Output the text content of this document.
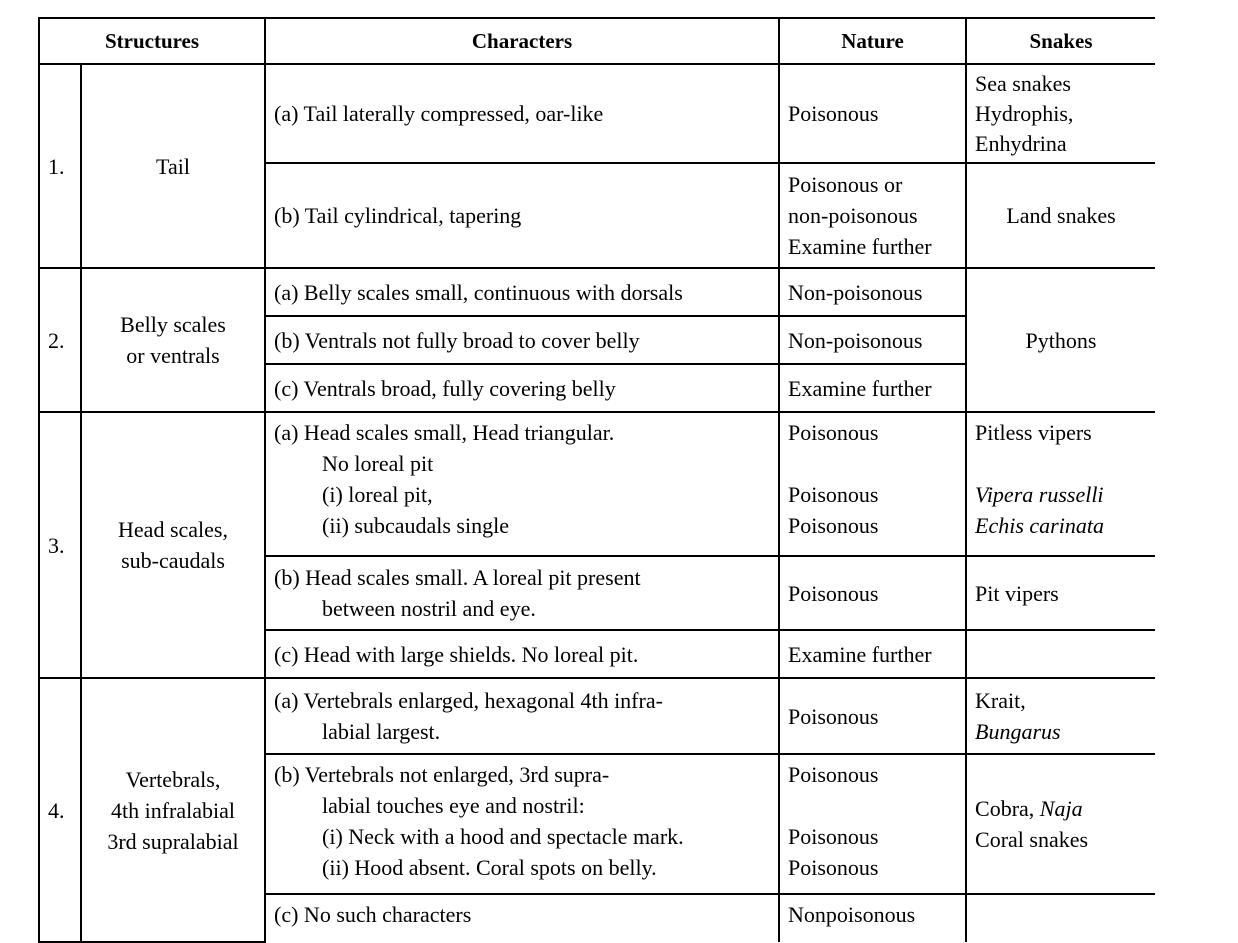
Structures		Characters	Nature	Snakes
1.	Tail	(a) Tail laterally compressed, oar-like	Poisonous	Sea snakes
Hydrophis,
Enhydrina

		(b) Tail cylindrical, tapering	Poisonous or
non-poisonous
Examine further	Land snakes

2.	Belly scales
or ventrals	(a) Belly scales small, continuous with dorsals	Non-poisonous	Pythons

		(b) Ventrals not fully broad to cover belly	Non-poisonous	

		(c) Ventrals broad, fully covering belly	Examine further	

3.	Head scales,
sub-caudals	(a) Head scales small, Head triangular.
No loreal pit
(i) loreal pit,
(ii) subcaudals single	Poisonous
Poisonous
Poisonous	Pitless vipers
Vipera russelli
Echis carinata

		(b) Head scales small. A loreal pit present
between nostril and eye.	Poisonous	Pit vipers

		(c) Head with large shields. No loreal pit.	Examine further	

4.	Vertebrals,
4th infralabial
3rd supralabial	(a) Vertebrals enlarged, hexagonal 4th infra-
labial largest.	Poisonous	Krait,
Bungarus

		(b) Vertebrals not enlarged, 3rd supra-
labial touches eye and nostril:
(i) Neck with a hood and spectacle mark.
(ii) Hood absent. Coral spots on belly.	Poisonous
Poisonous
Poisonous	Cobra, Naja
Coral snakes

		(c) No such characters	Nonpoisonous	
